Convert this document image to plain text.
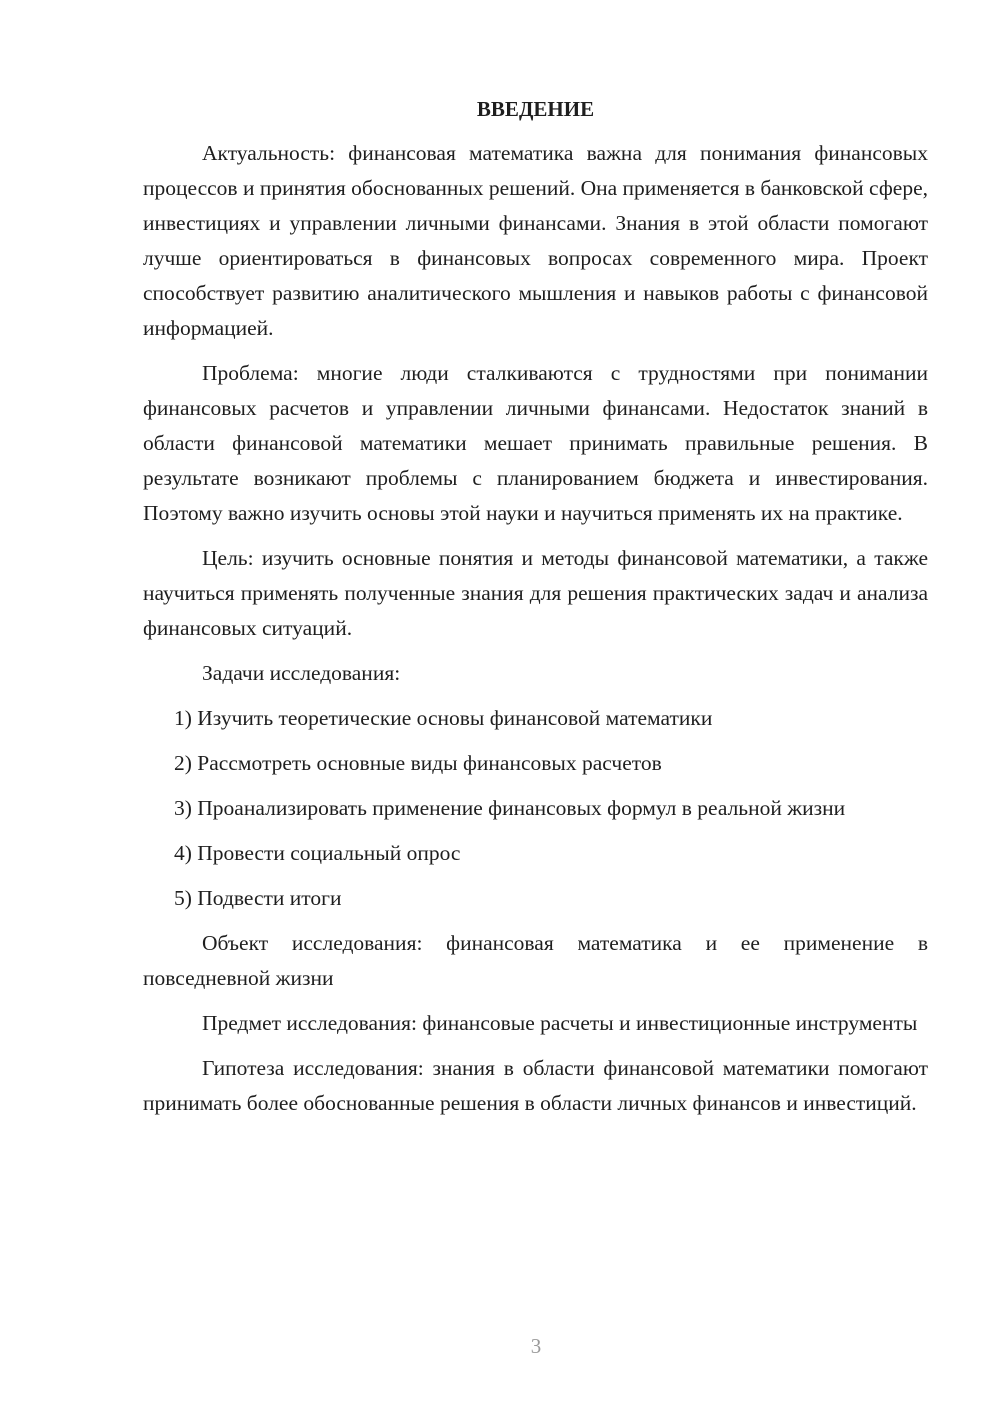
ВВЕДЕНИЕ

Актуальность: финансовая математика важна для понимания финансовых процессов и принятия обоснованных решений. Она применяется в банковской сфере, инвестициях и управлении личными финансами. Знания в этой области помогают лучше ориентироваться в финансовых вопросах современного мира. Проект способствует развитию аналитического мышления и навыков работы с финансовой информацией.

Проблема: многие люди сталкиваются с трудностями при понимании финансовых расчетов и управлении личными финансами. Недостаток знаний в области финансовой математики мешает принимать правильные решения. В результате возникают проблемы с планированием бюджета и инвестирования. Поэтому важно изучить основы этой науки и научиться применять их на практике.

Цель: изучить основные понятия и методы финансовой математики, а также научиться применять полученные знания для решения практических задач и анализа финансовых ситуаций.

Задачи исследования:

1) Изучить теоретические основы финансовой математики

2) Рассмотреть основные виды финансовых расчетов

3) Проанализировать применение финансовых формул в реальной жизни

4) Провести социальный опрос

5) Подвести итоги

Объект исследования: финансовая математика и ее применение в повседневной жизни

Предмет исследования: финансовые расчеты и инвестиционные инструменты

Гипотеза исследования: знания в области финансовой математики помогают принимать более обоснованные решения в области личных финансов и инвестиций.

3
